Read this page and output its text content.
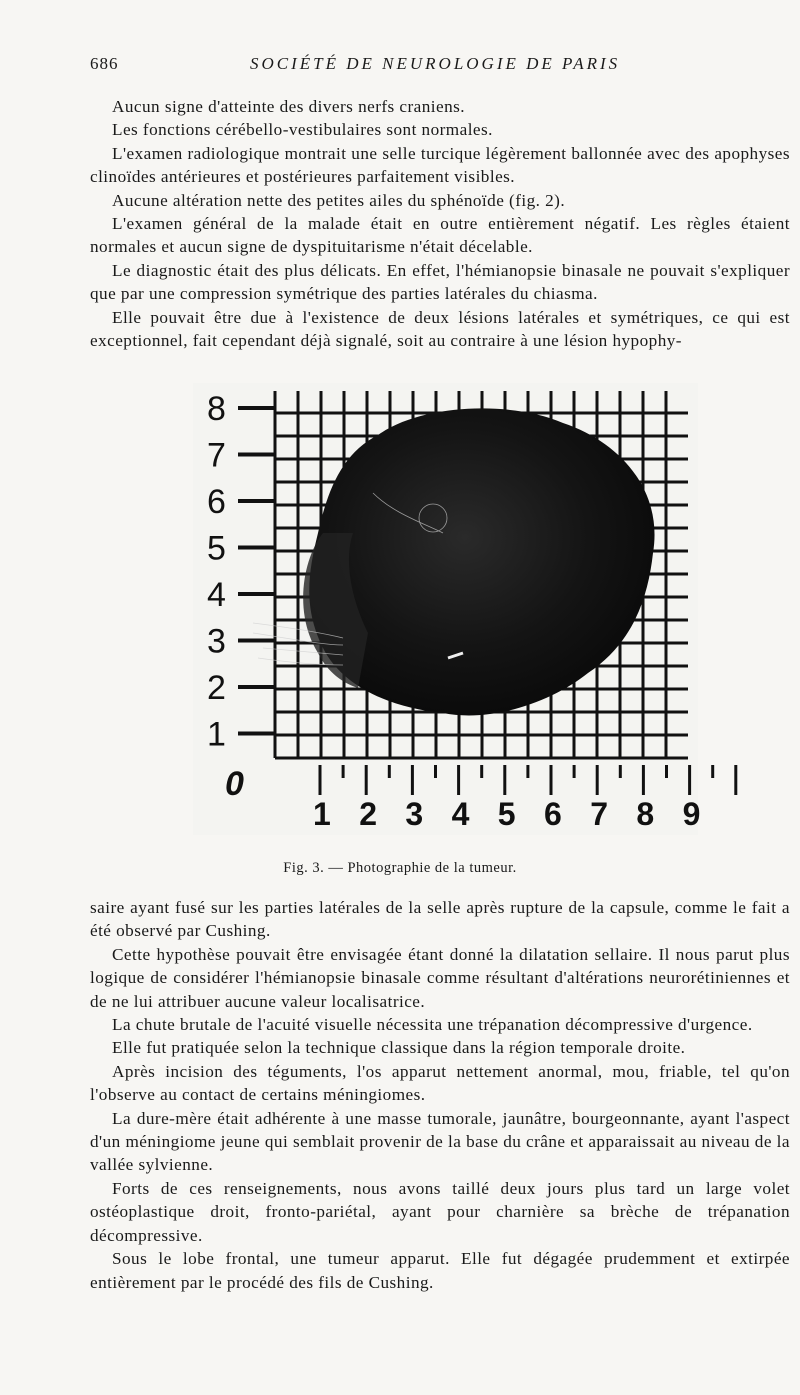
686	SOCIÉTÉ DE NEUROLOGIE DE PARIS

Aucun signe d'atteinte des divers nerfs craniens.

Les fonctions cérébello-vestibulaires sont normales.

L'examen radiologique montrait une selle turcique légèrement ballonnée avec des apophyses clinoïdes antérieures et postérieures parfaitement visibles.

Aucune altération nette des petites ailes du sphénoïde (fig. 2).

L'examen général de la malade était en outre entièrement négatif. Les règles étaient normales et aucun signe de dyspituitarisme n'était décelable.

Le diagnostic était des plus délicats. En effet, l'hémianopsie binasale ne pouvait s'expliquer que par une compression symétrique des parties latérales du chiasma.

Elle pouvait être due à l'existence de deux lésions latérales et symétriques, ce qui est exceptionnel, fait cependant déjà signalé, soit au contraire à une lésion hypophy-

8
7
6
5
4
3
2
1
1 2 3 4 5 6 7 8 9
0
Fig. 3. — Photographie de la tumeur.

saire ayant fusé sur les parties latérales de la selle après rupture de la capsule, comme le fait a été observé par Cushing.

Cette hypothèse pouvait être envisagée étant donné la dilatation sellaire. Il nous parut plus logique de considérer l'hémianopsie binasale comme résultant d'altérations neurorétiniennes et de ne lui attribuer aucune valeur localisatrice.

La chute brutale de l'acuité visuelle nécessita une trépanation décompressive d'urgence.

Elle fut pratiquée selon la technique classique dans la région temporale droite.

Après incision des téguments, l'os apparut nettement anormal, mou, friable, tel qu'on l'observe au contact de certains méningiomes.

La dure-mère était adhérente à une masse tumorale, jaunâtre, bourgeonnante, ayant l'aspect d'un méningiome jeune qui semblait provenir de la base du crâne et apparaissait au niveau de la vallée sylvienne.

Forts de ces renseignements, nous avons taillé deux jours plus tard un large volet ostéoplastique droit, fronto-pariétal, ayant pour charnière sa brèche de trépanation décompressive.

Sous le lobe frontal, une tumeur apparut. Elle fut dégagée prudemment et extirpée entièrement par le procédé des fils de Cushing.
